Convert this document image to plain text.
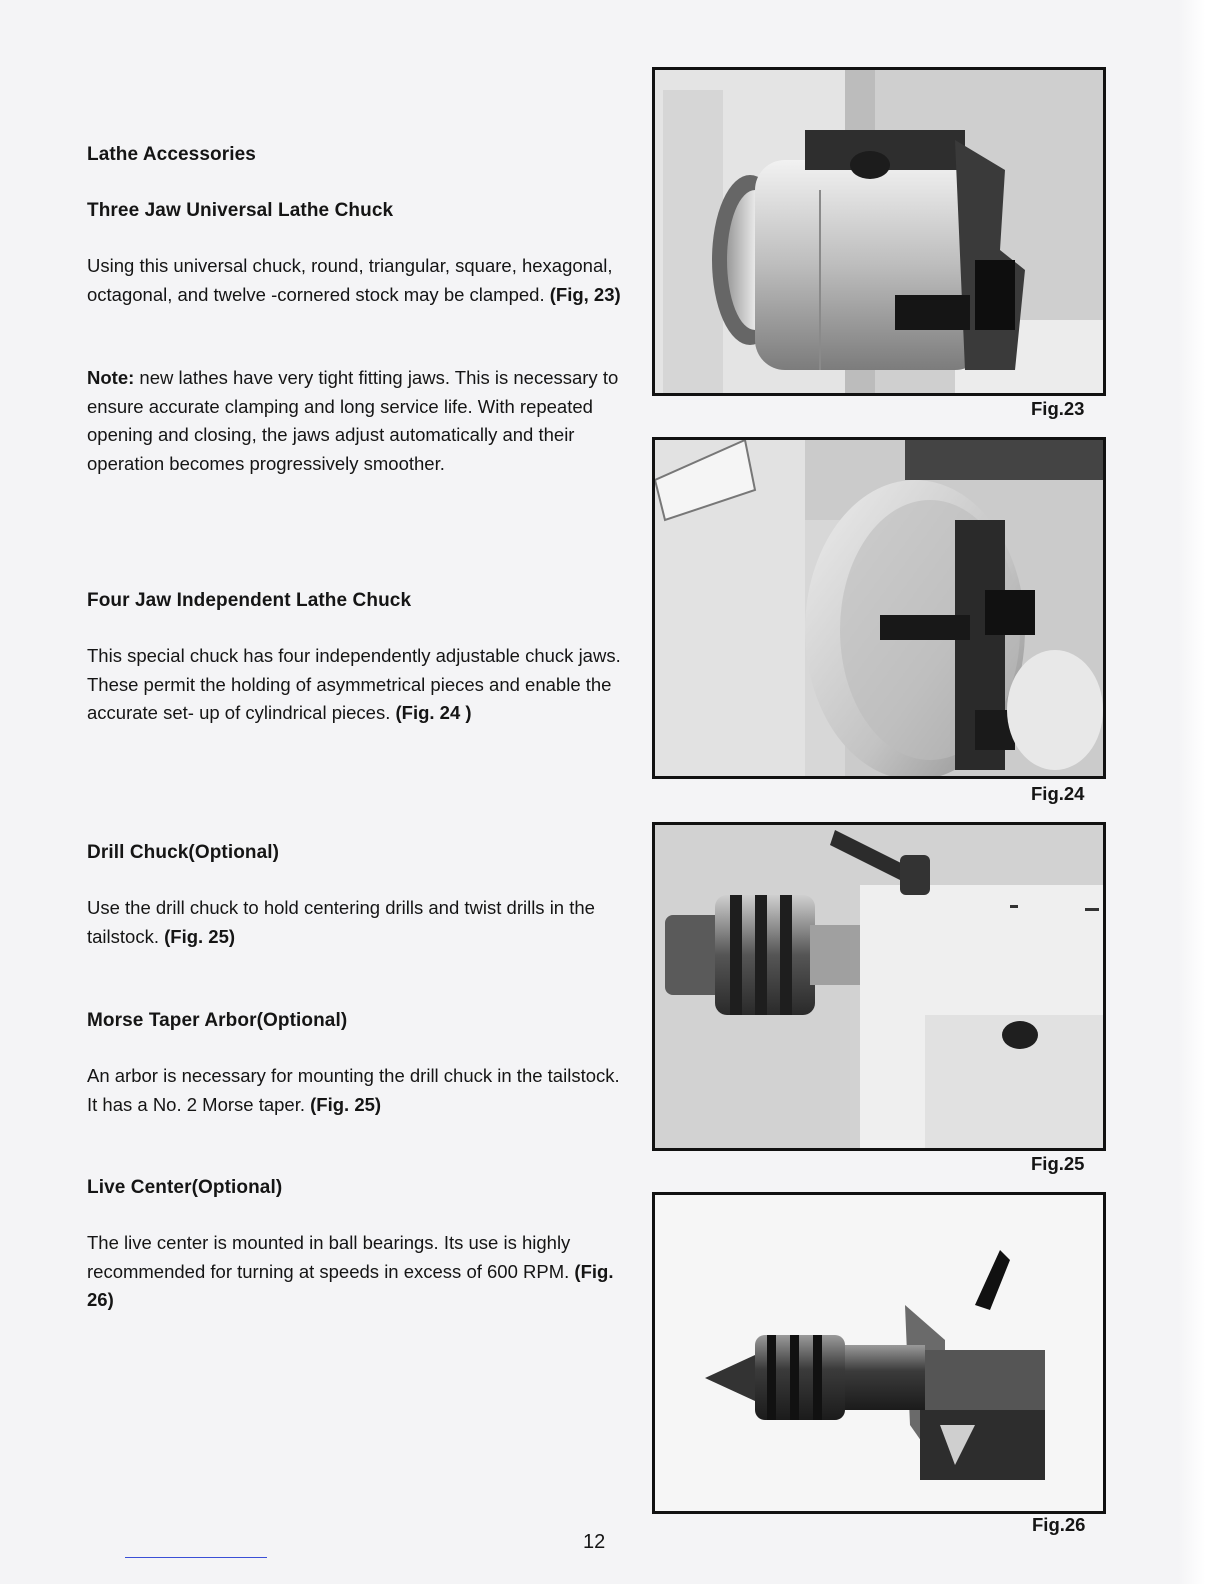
Lathe Accessories
Three Jaw Universal Lathe Chuck

Using this universal chuck, round, triangular, square, hexagonal, octagonal, and twelve -cornered stock may be clamped. (Fig, 23)

Note: new lathes have very tight fitting jaws. This is necessary to ensure accurate clamping and long service life. With repeated opening and closing, the jaws adjust automatically and their operation becomes progressively smoother.

Four Jaw Independent Lathe Chuck

This special chuck has four independently adjustable chuck jaws. These permit the holding of asymmetrical pieces and enable the accurate set- up of cylindrical pieces. (Fig. 24 )

Drill Chuck(Optional)

Use the drill chuck to hold centering drills and twist drills in the tailstock. (Fig. 25)

Morse Taper Arbor(Optional)

An arbor is necessary for mounting the drill chuck in the tailstock. It has a No. 2 Morse taper. (Fig. 25)

Live Center(Optional)

The live center is mounted in ball bearings. Its use is highly recommended for turning at speeds in excess of 600 RPM. (Fig. 26)

Fig.23
Fig.24
Fig.25
Fig.26
12
